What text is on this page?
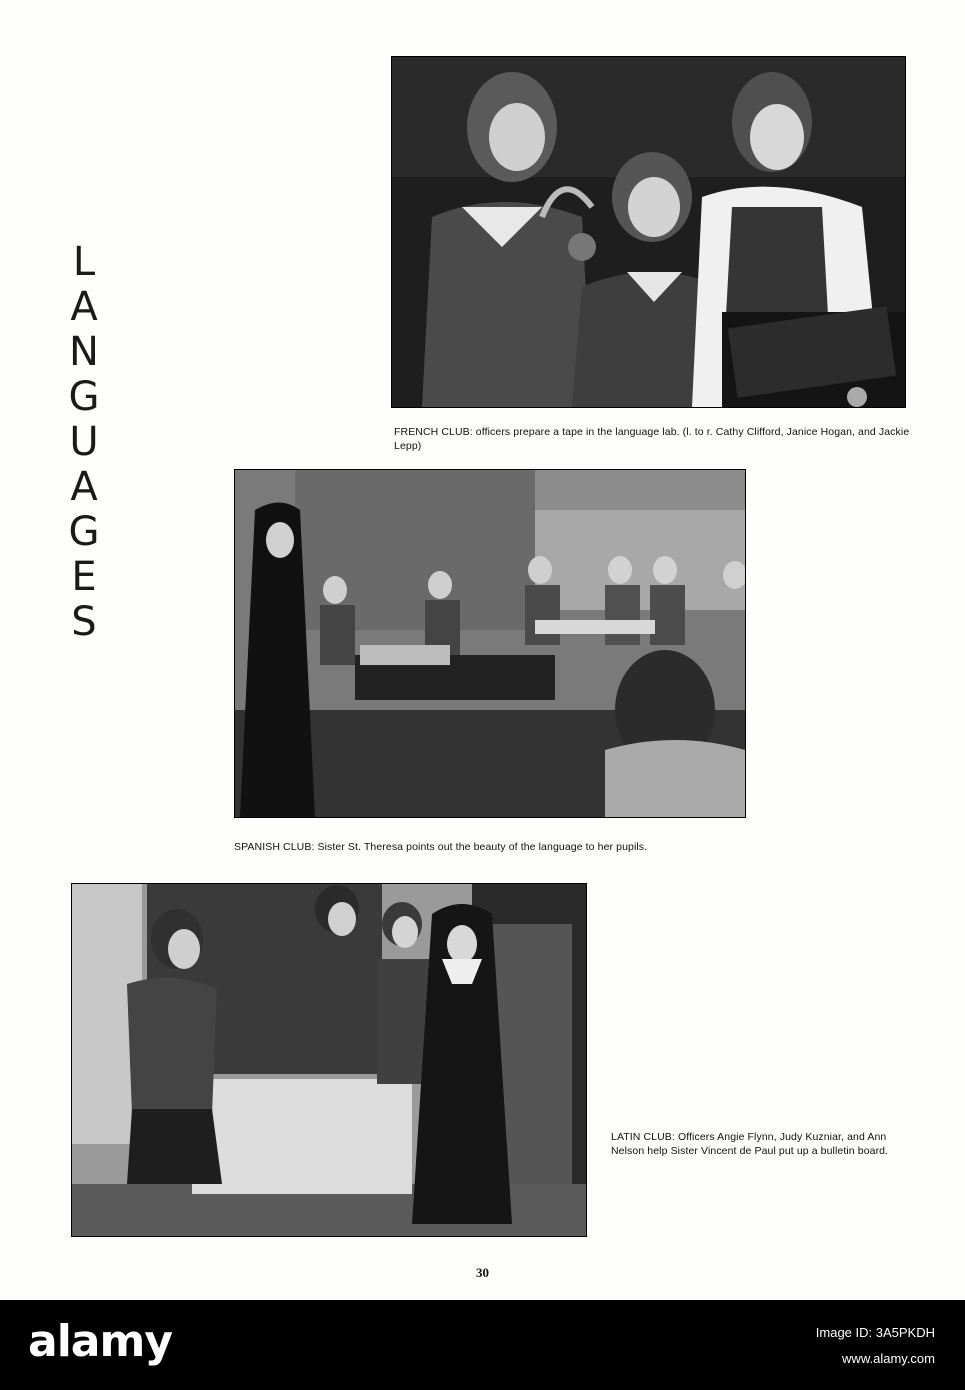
L
A
N
G
U
A
G
E
S
FRENCH CLUB: officers prepare a tape in the language lab. (l. to r. Cathy Clifford, Janice Hogan, and Jackie Lepp)
SPANISH CLUB: Sister St. Theresa points out the beauty of the language to her pupils.
LATIN CLUB: Officers Angie Flynn, Judy Kuzniar, and Ann Nelson help Sister Vincent de Paul put up a bulletin board.
30
alamy	Image ID: 3A5PKDH
www.alamy.com
